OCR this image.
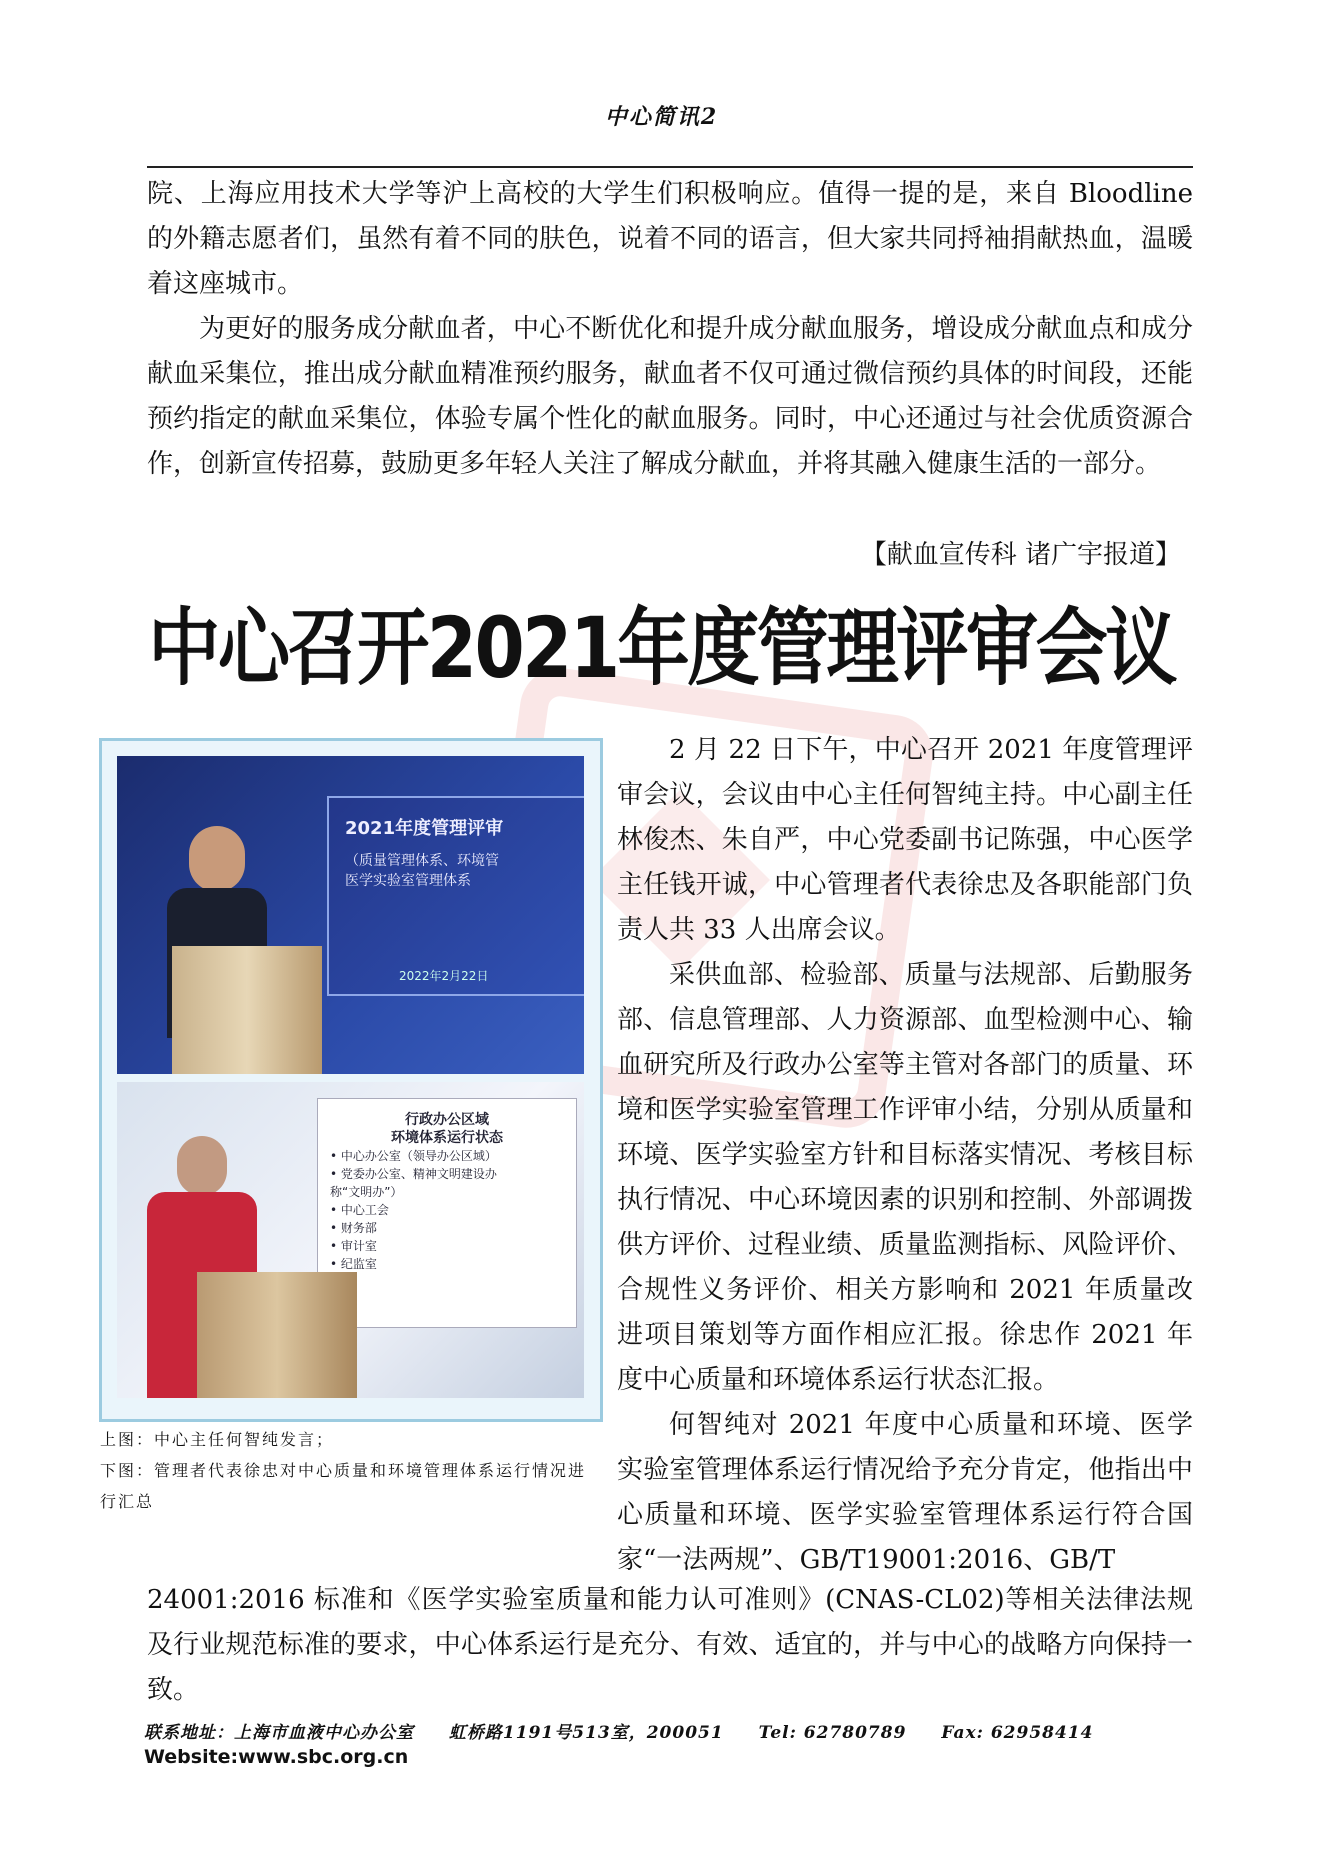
中心简讯2

院、上海应用技术大学等沪上高校的大学生们积极响应。值得一提的是，来自 Bloodline 的外籍志愿者们，虽然有着不同的肤色，说着不同的语言，但大家共同捋袖捐献热血，温暖着这座城市。

为更好的服务成分献血者，中心不断优化和提升成分献血服务，增设成分献血点和成分献血采集位，推出成分献血精准预约服务，献血者不仅可通过微信预约具体的时间段，还能预约指定的献血采集位，体验专属个性化的献血服务。同时，中心还通过与社会优质资源合作，创新宣传招募，鼓励更多年轻人关注了解成分献血，并将其融入健康生活的一部分。

【献血宣传科 诸广宇报道】
中心召开2021年度管理评审会议
2021年度管理评审
（质量管理体系、环境管
医学实验室管理体系
2022年2月22日
行政办公区域
环境体系运行状态
• 中心办公室（领导办公区域）
• 党委办公室、精神文明建设办
称“文明办”）
• 中心工会
• 财务部
• 审计室
• 纪监室

上图：中心主任何智纯发言；

下图：管理者代表徐忠对中心质量和环境管理体系运行情况进行汇总

2 月 22 日下午，中心召开 2021 年度管理评审会议，会议由中心主任何智纯主持。中心副主任林俊杰、朱自严，中心党委副书记陈强，中心医学主任钱开诚，中心管理者代表徐忠及各职能部门负责人共 33 人出席会议。

采供血部、检验部、质量与法规部、后勤服务部、信息管理部、人力资源部、血型检测中心、输血研究所及行政办公室等主管对各部门的质量、环境和医学实验室管理工作评审小结，分别从质量和环境、医学实验室方针和目标落实情况、考核目标执行情况、中心环境因素的识别和控制、外部调拨供方评价、过程业绩、质量监测指标、风险评价、合规性义务评价、相关方影响和 2021 年质量改进项目策划等方面作相应汇报。徐忠作 2021 年度中心质量和环境体系运行状态汇报。

何智纯对 2021 年度中心质量和环境、医学实验室管理体系运行情况给予充分肯定，他指出中心质量和环境、医学实验室管理体系运行符合国家“一法两规”、GB/T19001:2016、GB/T

24001:2016 标准和《医学实验室质量和能力认可准则》(CNAS-CL02)等相关法律法规及行业规范标准的要求，中心体系运行是充分、有效、适宜的，并与中心的战略方向保持一致。

联系地址：上海市血液中心办公室 虹桥路1191号513室，200051 Tel: 62780789 Fax: 62958414
Website:www.sbc.org.cn
